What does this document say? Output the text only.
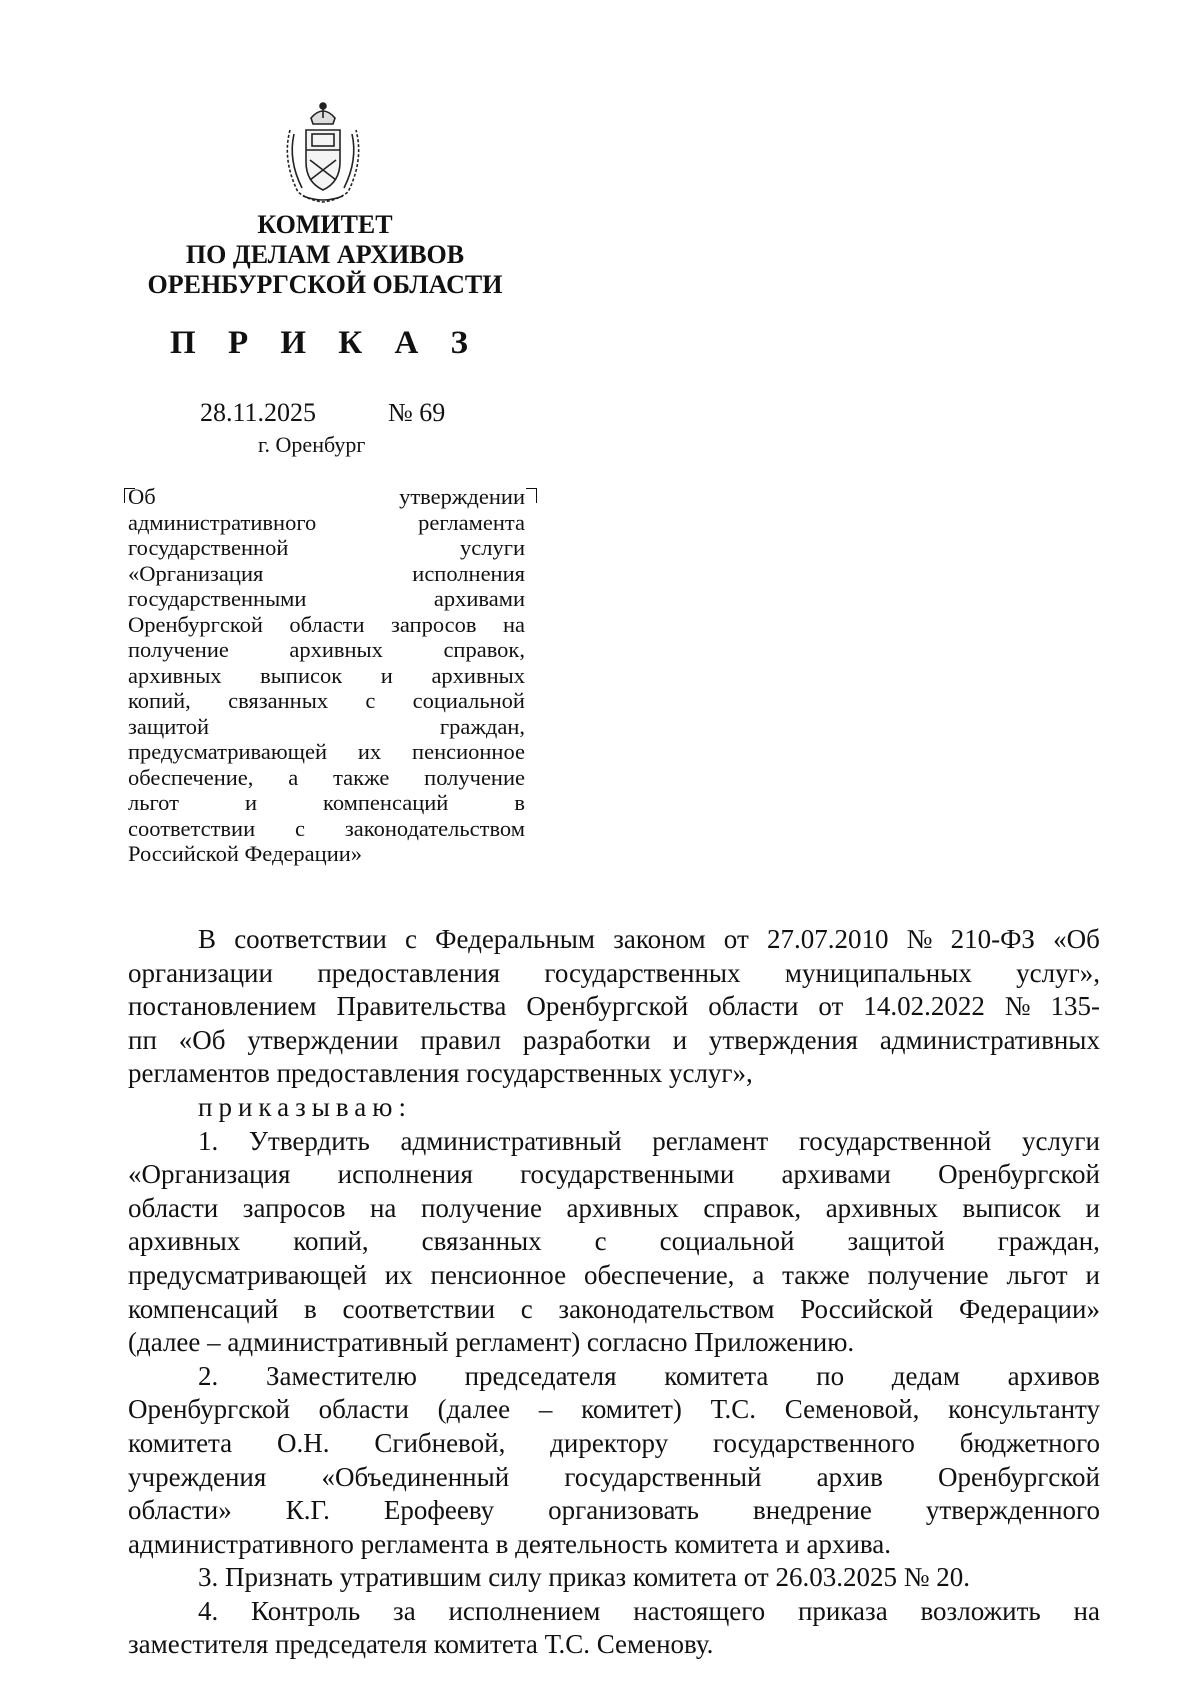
КОМИТЕТ
ПО ДЕЛАМ АРХИВОВ
ОРЕНБУРГСКОЙ ОБЛАСТИ
П Р И К А З
28.11.2025	№ 69
г. Оренбург
Об	утверждении
административного	регламента
государственной	услуги
«Организация	исполнения
государственными	архивами
Оренбургской области запросов на
получение	архивных	справок,
архивных выписок и архивных
копий, связанных с социальной
защитой	граждан,
предусматривающей их пенсионное
обеспечение, а также получение
льгот	и	компенсаций	в
соответствии с законодательством
Российской Федерации»
В соответствии с Федеральным законом от 27.07.2010 № 210-ФЗ «Об
организации предоставления государственных муниципальных услуг»,
постановлением Правительства Оренбургской области от 14.02.2022 № 135-
пп «Об утверждении правил разработки и утверждения административных
регламентов предоставления государственных услуг»,
приказываю:
1. Утвердить административный регламент государственной услуги
«Организация исполнения государственными архивами Оренбургской
области запросов на получение архивных справок, архивных выписок и
архивных копий, связанных с социальной защитой граждан,
предусматривающей их пенсионное обеспечение, а также получение льгот и
компенсаций в соответствии с законодательством Российской Федерации»
(далее – административный регламент) согласно Приложению.
2. Заместителю председателя комитета по дедам архивов
Оренбургской области (далее – комитет) Т.С. Семеновой, консультанту
комитета О.Н. Сгибневой, директору государственного бюджетного
учреждения «Объединенный государственный архив Оренбургской
области» К.Г. Ерофееву организовать внедрение утвержденного
административного регламента в деятельность комитета и архива.
3. Признать утратившим силу приказ комитета от 26.03.2025 № 20.
4. Контроль за исполнением настоящего приказа возложить на
заместителя председателя комитета Т.С. Семенову.
